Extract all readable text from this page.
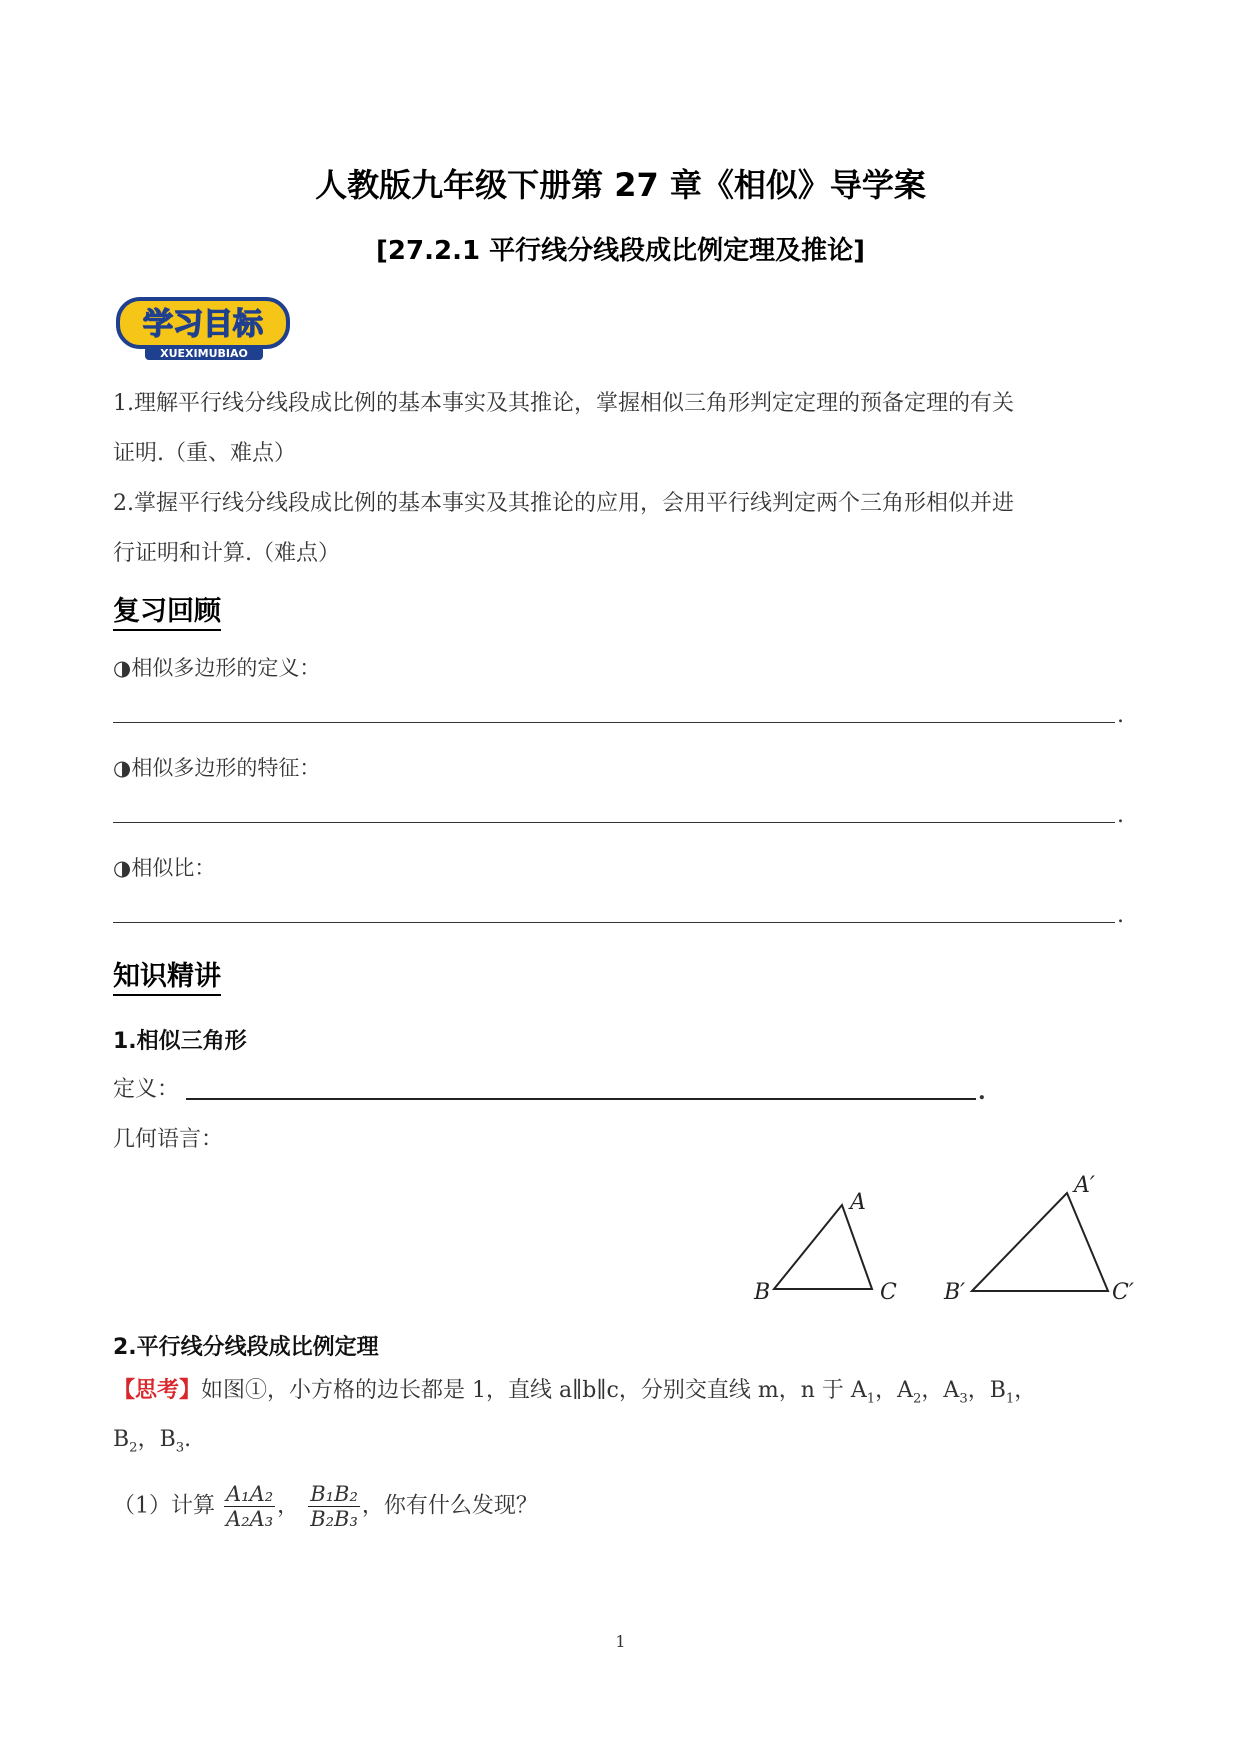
人教版九年级下册第 27 章《相似》导学案
[27.2.1 平行线分线段成比例定理及推论]
学习目标
XUEXIMUBIAO
1.理解平行线分线段成比例的基本事实及其推论，掌握相似三角形判定定理的预备定理的有关
证明.（重、难点）
2.掌握平行线分线段成比例的基本事实及其推论的应用，会用平行线判定两个三角形相似并进
行证明和计算.（难点）
复习回顾
◑相似多边形的定义：
.
◑相似多边形的特征：
.
◑相似比：
.
知识精讲
1.相似三角形
定义：	.
几何语言：
A
B	C
A′
B′	C′
2.平行线分线段成比例定理
【思考】如图①，小方格的边长都是 1，直线 a∥b∥c，分别交直线 m，n 于 $A_1$，$A_2$，$A_3$，$B_1$，
$B_2$，$B_3$.
（1）计算 $\frac{\text{A₁A₂}}{\text{A₂A₃}}$ ， $\frac{\text{B₁B₂}}{\text{B₂B₃}}$ ，你有什么发现？
1
